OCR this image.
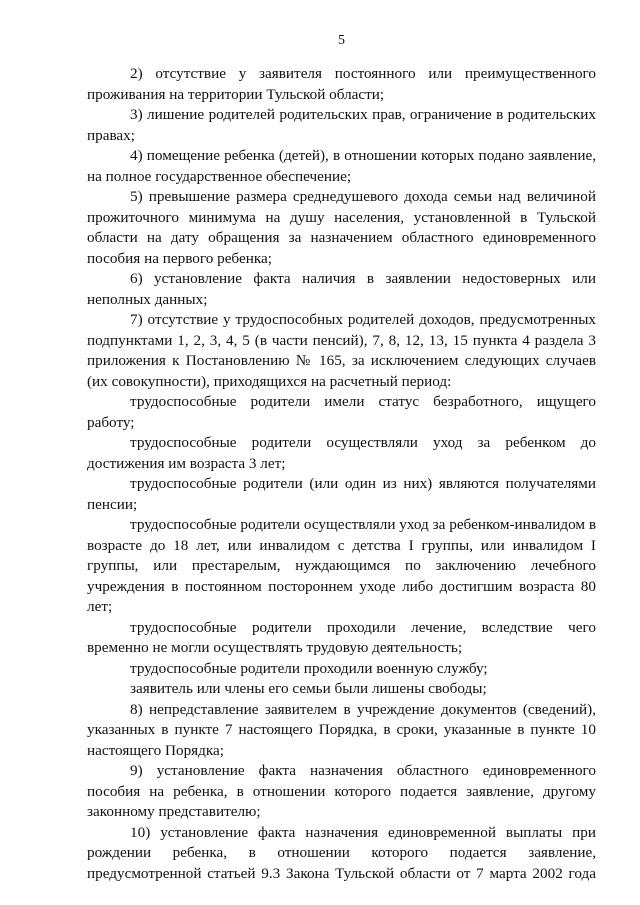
5

2) отсутствие у заявителя постоянного или преимущественного проживания на территории Тульской области;

3) лишение родителей родительских прав, ограничение в родительских правах;

4) помещение ребенка (детей), в отношении которых подано заявление, на полное государственное обеспечение;

5) превышение размера среднедушевого дохода семьи над величиной прожиточного минимума на душу населения, установленной в Тульской области на дату обращения за назначением областного единовременного пособия на первого ребенка;

6) установление факта наличия в заявлении недостоверных или неполных данных;

7) отсутствие у трудоспособных родителей доходов, предусмотренных подпунктами 1, 2, 3, 4, 5 (в части пенсий), 7, 8, 12, 13, 15 пункта 4 раздела 3 приложения к Постановлению № 165, за исключением следующих случаев (их совокупности), приходящихся на расчетный период:

трудоспособные родители имели статус безработного, ищущего работу;

трудоспособные родители осуществляли уход за ребенком до достижения им возраста 3 лет;

трудоспособные родители (или один из них) являются получателями пенсии;

трудоспособные родители осуществляли уход за ребенком-инвалидом в возрасте до 18 лет, или инвалидом с детства I группы, или инвалидом I группы, или престарелым, нуждающимся по заключению лечебного учреждения в постоянном постороннем уходе либо достигшим возраста 80 лет;

трудоспособные родители проходили лечение, вследствие чего временно не могли осуществлять трудовую деятельность;

трудоспособные родители проходили военную службу;

заявитель или члены его семьи были лишены свободы;

8) непредставление заявителем в учреждение документов (сведений), указанных в пункте 7 настоящего Порядка, в сроки, указанные в пункте 10 настоящего Порядка;

9) установление факта назначения областного единовременного пособия на ребенка, в отношении которого подается заявление, другому законному представителю;

10) установление факта назначения единовременной выплаты при рождении ребенка, в отношении которого подается заявление, предусмотренной статьей 9.3 Закона Тульской области от 7 марта 2002 года
